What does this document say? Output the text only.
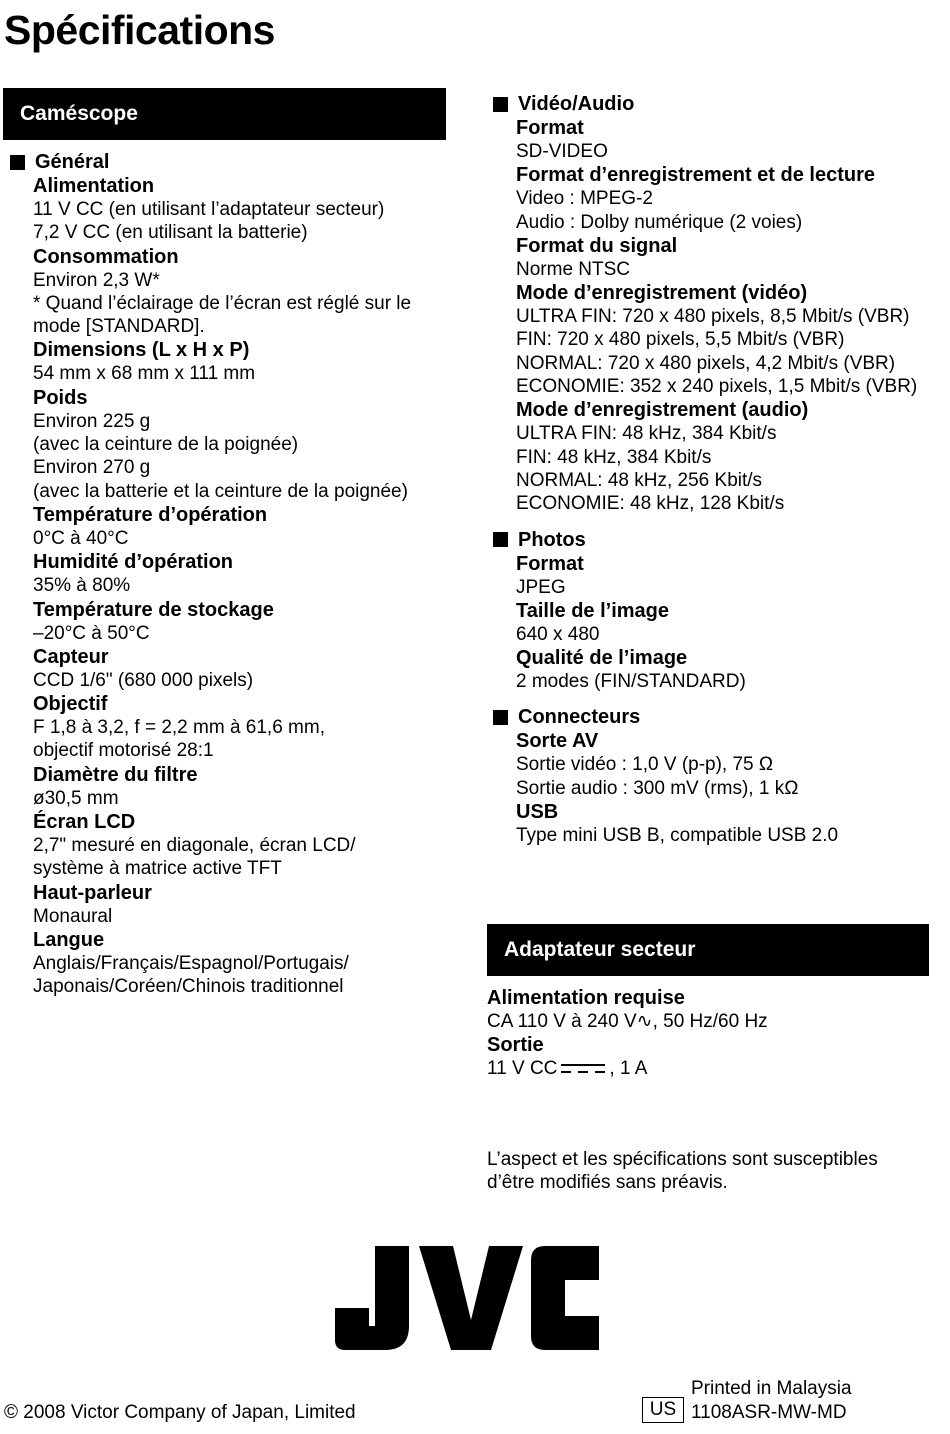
Spécifications
Caméscope
Général
Alimentation
11 V CC (en utilisant l’adaptateur secteur)
7,2 V CC (en utilisant la batterie)
Consommation
Environ 2,3 W*
* Quand l’éclairage de l’écran est réglé sur le mode [STANDARD].
Dimensions (L x H x P)
54 mm x 68 mm x 111 mm
Poids
Environ 225 g
(avec la ceinture de la poignée)
Environ 270 g
(avec la batterie et la ceinture de la poignée)
Température d’opération
0°C à 40°C
Humidité d’opération
35% à 80%
Température de stockage
–20°C à 50°C
Capteur
CCD 1/6" (680 000 pixels)
Objectif
F 1,8 à 3,2, f = 2,2 mm à 61,6 mm,
objectif motorisé 28:1
Diamètre du filtre
ø30,5 mm
Écran LCD
2,7" mesuré en diagonale, écran LCD/
système à matrice active TFT
Haut-parleur
Monaural
Langue
Anglais/Français/Espagnol/Portugais/
Japonais/Coréen/Chinois traditionnel
Vidéo/Audio
Format
SD-VIDEO
Format d’enregistrement et de lecture
Video : MPEG-2
Audio : Dolby numérique (2 voies)
Format du signal
Norme NTSC
Mode d’enregistrement (vidéo)
ULTRA FIN: 720 x 480 pixels, 8,5 Mbit/s (VBR)
FIN: 720 x 480 pixels, 5,5 Mbit/s (VBR)
NORMAL: 720 x 480 pixels, 4,2 Mbit/s (VBR)
ECONOMIE: 352 x 240 pixels, 1,5 Mbit/s (VBR)
Mode d’enregistrement (audio)
ULTRA FIN: 48 kHz, 384 Kbit/s
FIN: 48 kHz, 384 Kbit/s
NORMAL: 48 kHz, 256 Kbit/s
ECONOMIE: 48 kHz, 128 Kbit/s
Photos
Format
JPEG
Taille de l’image
640 x 480
Qualité de l’image
2 modes (FIN/STANDARD)
Connecteurs
Sorte AV
Sortie vidéo : 1,0 V (p-p), 75 Ω
Sortie audio : 300 mV (rms), 1 kΩ
USB
Type mini USB B, compatible USB 2.0
Adaptateur secteur
Alimentation requise
CA 110 V à 240 V∿, 50 Hz/60 Hz
Sortie
11 V CC	, 1 A
L’aspect et les spécifications sont susceptibles
d’être modifiés sans préavis.
© 2008 Victor Company of Japan, Limited	US
Printed in Malaysia
1108ASR-MW-MD
